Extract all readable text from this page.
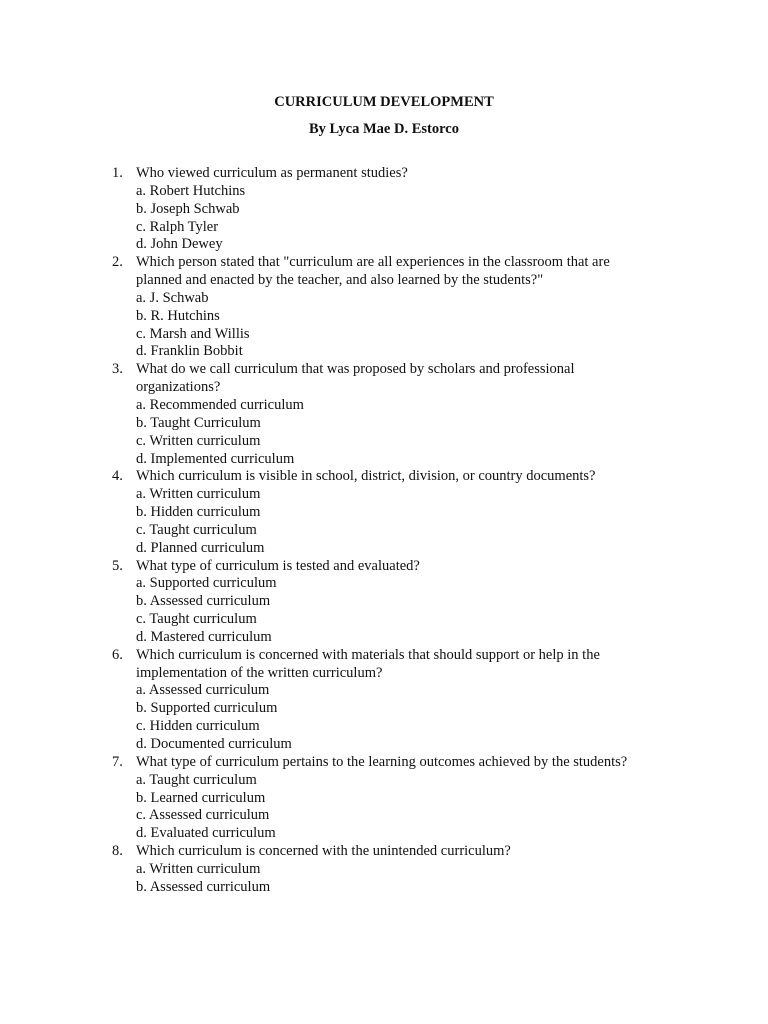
CURRICULUM DEVELOPMENT
By Lyca Mae D. Estorco
1. Who viewed curriculum as permanent studies?
a. Robert Hutchins
b. Joseph Schwab
c. Ralph Tyler
d. John Dewey
2. Which person stated that "curriculum are all experiences in the classroom that are planned and enacted by the teacher, and also learned by the students?"
a. J. Schwab
b. R. Hutchins
c. Marsh and Willis
d. Franklin Bobbit
3. What do we call curriculum that was proposed by scholars and professional organizations?
a. Recommended curriculum
b. Taught Curriculum
c. Written curriculum
d. Implemented curriculum
4. Which curriculum is visible in school, district, division, or country documents?
a. Written curriculum
b. Hidden curriculum
c. Taught curriculum
d. Planned curriculum
5. What type of curriculum is tested and evaluated?
a. Supported curriculum
b. Assessed curriculum
c. Taught curriculum
d. Mastered curriculum
6. Which curriculum is concerned with materials that should support or help in the implementation of the written curriculum?
a. Assessed curriculum
b. Supported curriculum
c. Hidden curriculum
d. Documented curriculum
7. What type of curriculum pertains to the learning outcomes achieved by the students?
a. Taught curriculum
b. Learned curriculum
c. Assessed curriculum
d. Evaluated curriculum
8. Which curriculum is concerned with the unintended curriculum?
a. Written curriculum
b. Assessed curriculum
